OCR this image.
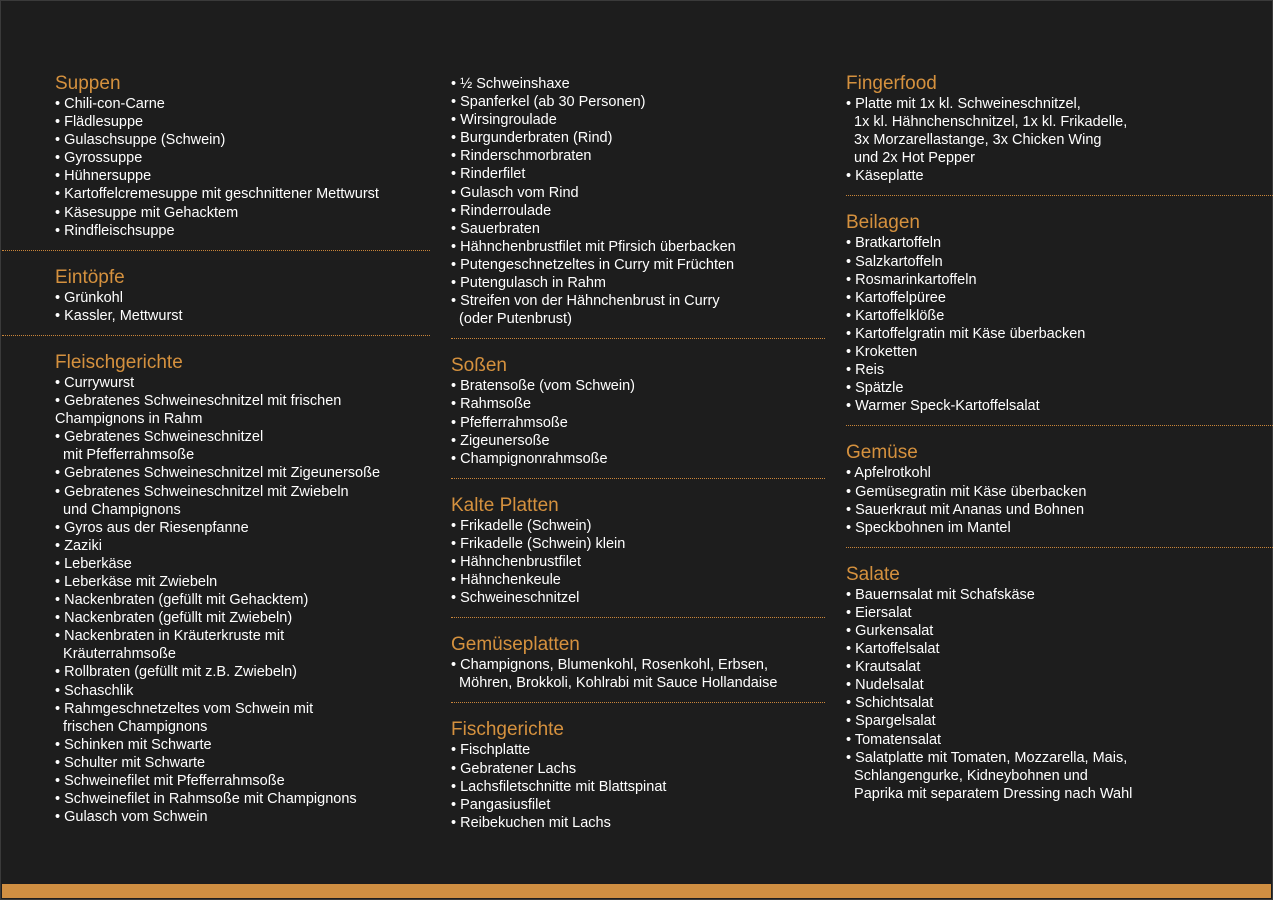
Suppen
• Chili-con-Carne
• Flädlesuppe
• Gulaschsuppe (Schwein)
• Gyrossuppe
• Hühnersuppe
• Kartoffelcremesuppe mit geschnittener Mettwurst
• Käsesuppe mit Gehacktem
• Rindfleischsuppe
Eintöpfe
• Grünkohl
• Kassler, Mettwurst
Fleischgerichte
• Currywurst
• Gebratenes Schweineschnitzel mit frischen
Champignons in Rahm
• Gebratenes Schweineschnitzel
mit Pfefferrahmsoße
• Gebratenes Schweineschnitzel mit Zigeunersoße
• Gebratenes Schweineschnitzel mit Zwiebeln
und Champignons
• Gyros aus der Riesenpfanne
• Zaziki
• Leberkäse
• Leberkäse mit Zwiebeln
• Nackenbraten (gefüllt mit Gehacktem)
• Nackenbraten (gefüllt mit Zwiebeln)
• Nackenbraten in Kräuterkruste mit
Kräuterrahmsoße
• Rollbraten (gefüllt mit z.B. Zwiebeln)
• Schaschlik
• Rahmgeschnetzeltes vom Schwein mit
frischen Champignons
• Schinken mit Schwarte
• Schulter mit Schwarte
• Schweinefilet mit Pfefferrahmsoße
• Schweinefilet in Rahmsoße mit Champignons
• Gulasch vom Schwein
• ½ Schweinshaxe
• Spanferkel (ab 30 Personen)
• Wirsingroulade
• Burgunderbraten (Rind)
• Rinderschmorbraten
• Rinderfilet
• Gulasch vom Rind
• Rinderroulade
• Sauerbraten
• Hähnchenbrustfilet mit Pfirsich überbacken
• Putengeschnetzeltes in Curry mit Früchten
• Putengulasch in Rahm
• Streifen von der Hähnchenbrust in Curry
(oder Putenbrust)
Soßen
• Bratensoße (vom Schwein)
• Rahmsoße
• Pfefferrahmsoße
• Zigeunersoße
• Champignonrahmsoße
Kalte Platten
• Frikadelle (Schwein)
• Frikadelle (Schwein) klein
• Hähnchenbrustfilet
• Hähnchenkeule
• Schweineschnitzel
Gemüseplatten
• Champignons, Blumenkohl, Rosenkohl, Erbsen,
Möhren, Brokkoli, Kohlrabi mit Sauce Hollandaise
Fischgerichte
• Fischplatte
• Gebratener Lachs
• Lachsfiletschnitte mit Blattspinat
• Pangasiusfilet
• Reibekuchen mit Lachs
Fingerfood
• Platte mit 1x kl. Schweineschnitzel,
1x kl. Hähnchenschnitzel, 1x kl. Frikadelle,
3x Morzarellastange, 3x Chicken Wing
und 2x Hot Pepper
• Käseplatte
Beilagen
• Bratkartoffeln
• Salzkartoffeln
• Rosmarinkartoffeln
• Kartoffelpüree
• Kartoffelklöße
• Kartoffelgratin mit Käse überbacken
• Kroketten
• Reis
• Spätzle
• Warmer Speck-Kartoffelsalat
Gemüse
• Apfelrotkohl
• Gemüsegratin mit Käse überbacken
• Sauerkraut mit Ananas und Bohnen
• Speckbohnen im Mantel
Salate
• Bauernsalat mit Schafskäse
• Eiersalat
• Gurkensalat
• Kartoffelsalat
• Krautsalat
• Nudelsalat
• Schichtsalat
• Spargelsalat
• Tomatensalat
• Salatplatte mit Tomaten, Mozzarella, Mais,
Schlangengurke, Kidneybohnen und
Paprika mit separatem Dressing nach Wahl
